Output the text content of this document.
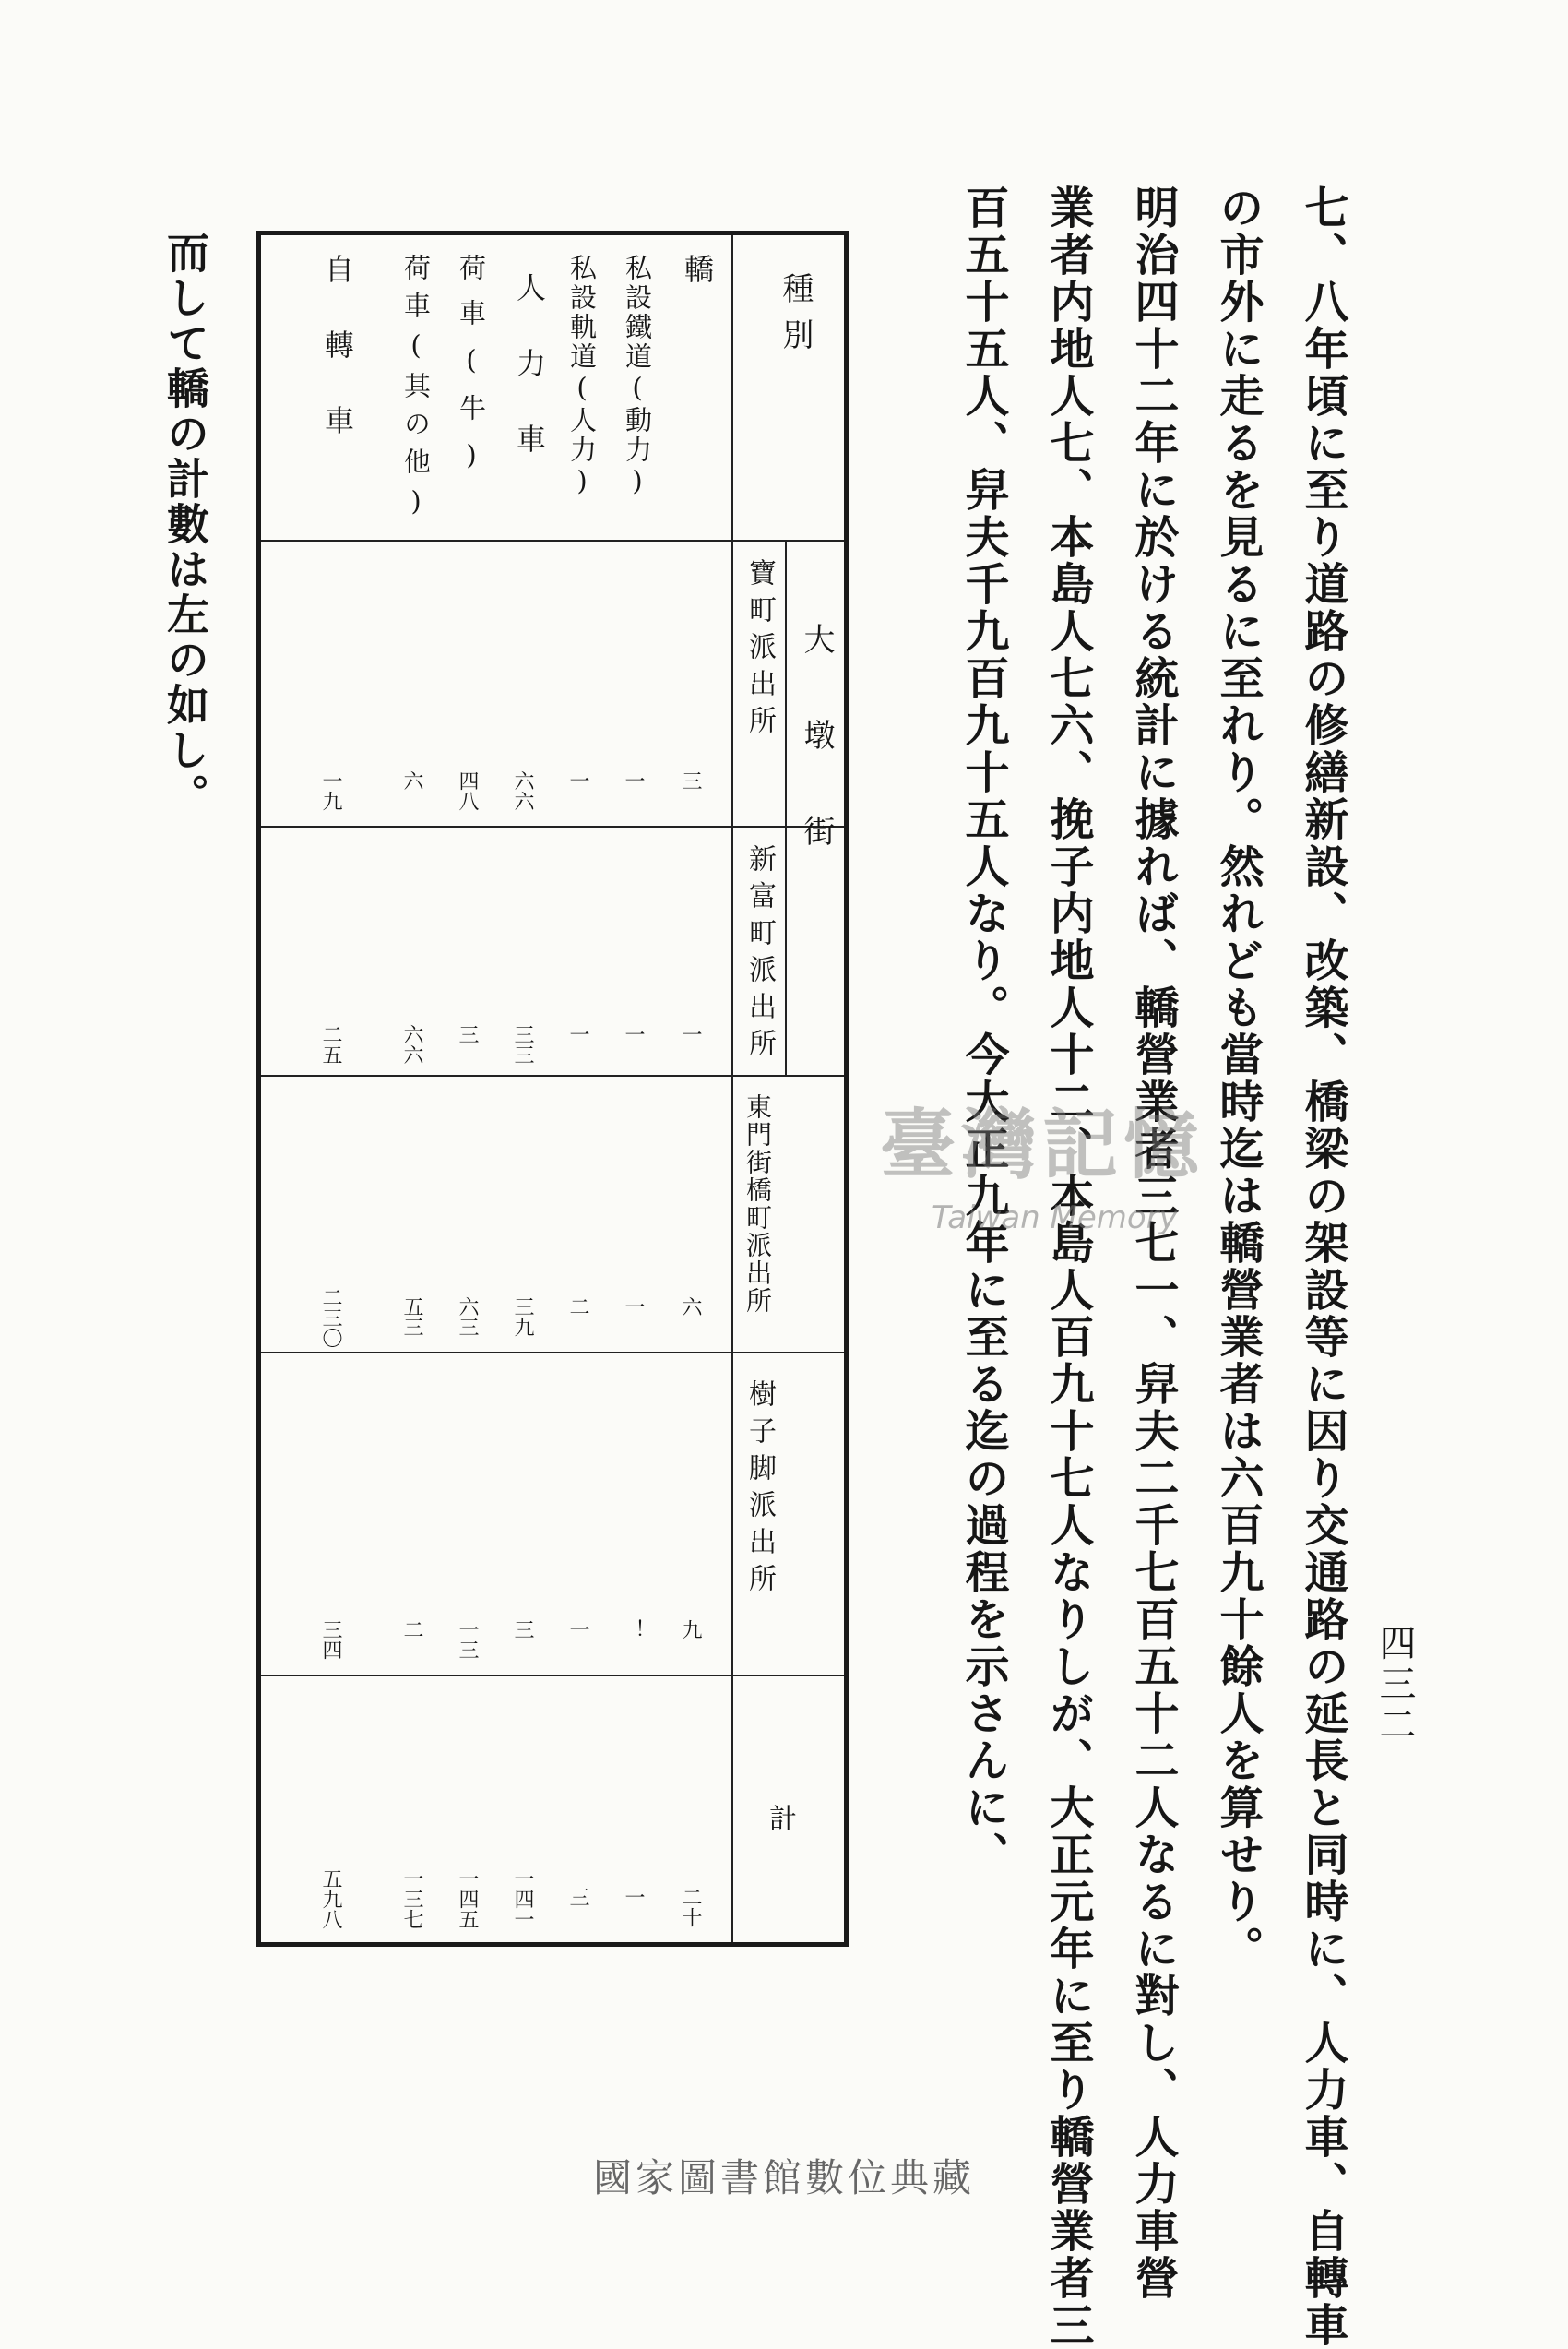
四三二
七、八年頃に至り道路の修繕新設、改築、橋梁の架設等に因り交通路の延長と同時に、人力車、自轉車
の市外に走るを見るに至れり。然れども當時迄は轎營業者は六百九十餘人を算せり。
明治四十二年に於ける統計に據れば、轎營業者三七一、舁夫二千七百五十二人なるに對し、人力車營
業者内地人七、本島人七六、挽子内地人十二、本島人百九十七人なりしが、大正元年に至り轎營業者三
百五十五人、舁夫千九百九十五人なり。今大正九年に至る迄の過程を示さんに、
種別
大墩街
寶町派出所
新富町派出所
東門街橋町派出所
樹子脚派出所
計
轎
私設鐵道(動力)
私設軌道(人力)
人力車
荷車(牛)
荷車(其の他)
自轉車
三
一
一
六六
四八
六
一九
一
一
一
三三
三
六六
二五
六
一
二
三九
六三
五三
二三〇
九
！
一
三
一三
二
三四
二十
一
三
一四一
一四五
一三七
五九八
而して轎の計數は左の如し。
臺灣記憶
Taiwan Memory
國家圖書館數位典藏
